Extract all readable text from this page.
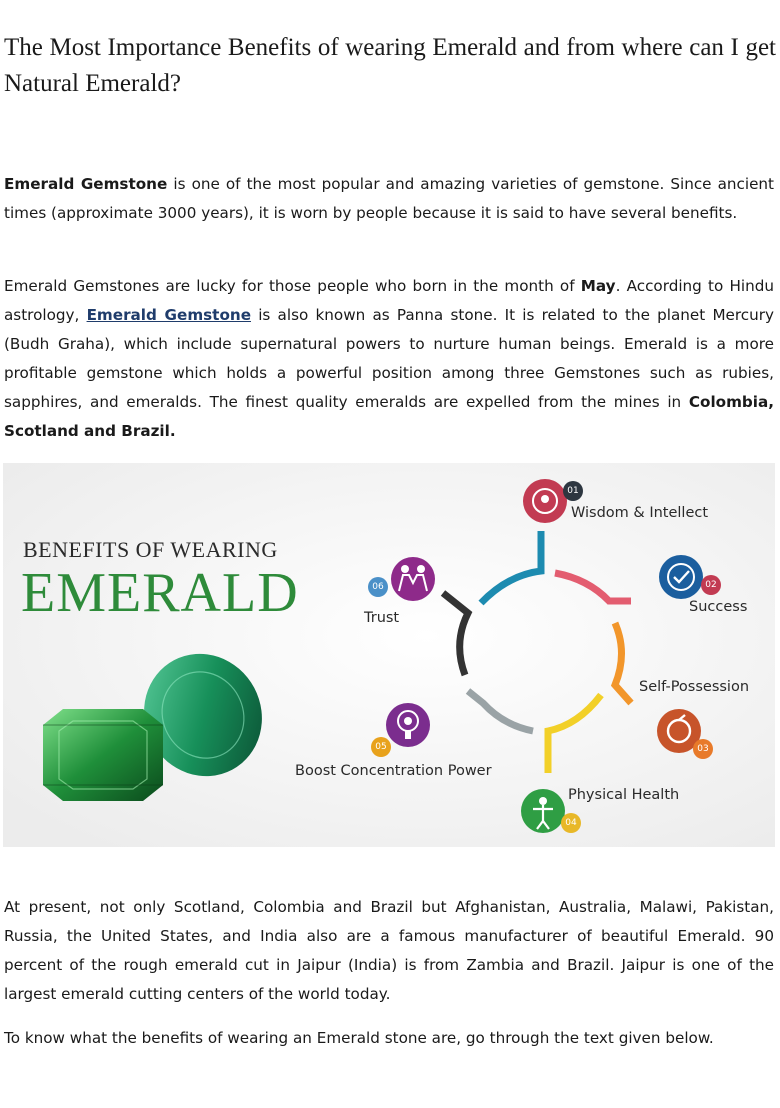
The Most Importance Benefits of wearing Emerald and from where can I get Natural Emerald?
Emerald Gemstone is one of the most popular and amazing varieties of gemstone. Since ancient times (approximate 3000 years), it is worn by people because it is said to have several benefits.
Emerald Gemstones are lucky for those people who born in the month of May. According to Hindu astrology, Emerald Gemstone is also known as Panna stone. It is related to the planet Mercury (Budh Graha), which include supernatural powers to nurture human beings. Emerald is a more profitable gemstone which holds a powerful position among three Gemstones such as rubies, sapphires, and emeralds. The finest quality emeralds are expelled from the mines in Colombia, Scotland and Brazil.
BENEFITS OF WEARING
EMERALD
01
02
03
04
05
06
Wisdom & Intellect
Success
Self-Possession
Physical Health
Boost Concentration Power
Trust
At present, not only Scotland, Colombia and Brazil but Afghanistan, Australia, Malawi, Pakistan, Russia, the United States, and India also are a famous manufacturer of beautiful Emerald. 90 percent of the rough emerald cut in Jaipur (India) is from Zambia and Brazil. Jaipur is one of the largest emerald cutting centers of the world today.
To know what the benefits of wearing an Emerald stone are, go through the text given below.
